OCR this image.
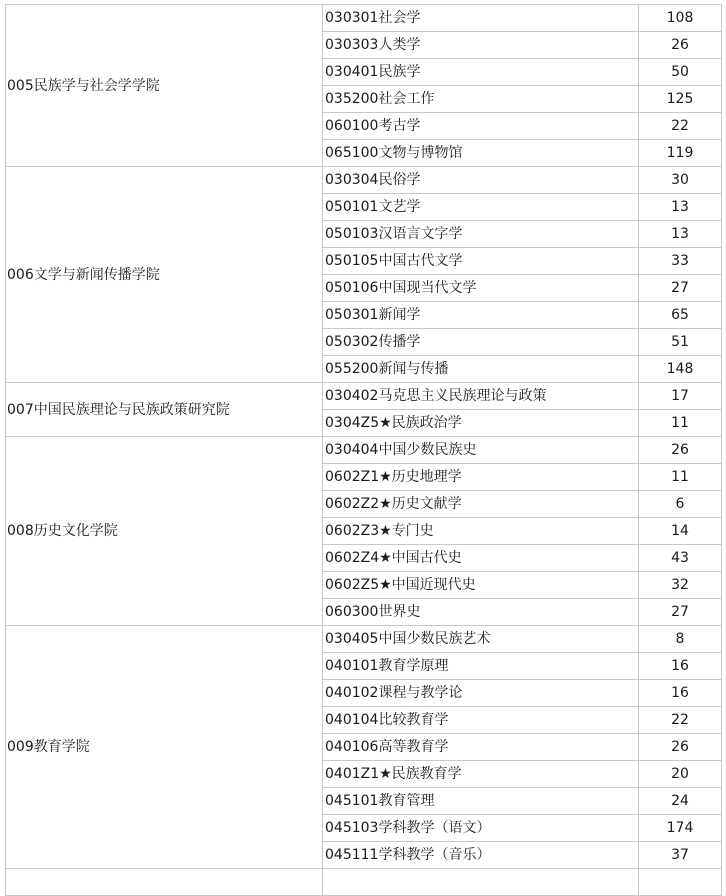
005民族学与社会学学院	030301社会学	108
	030303人类学	26
	030401民族学	50
	035200社会工作	125
	060100考古学	22
	065100文物与博物馆	119
006文学与新闻传播学院	030304民俗学	30
	050101文艺学	13
	050103汉语言文字学	13
	050105中国古代文学	33
	050106中国现当代文学	27
	050301新闻学	65
	050302传播学	51
	055200新闻与传播	148
007中国民族理论与民族政策研究院	030402马克思主义民族理论与政策	17
	0304Z5★民族政治学	11
008历史文化学院	030404中国少数民族史	26
	0602Z1★历史地理学	11
	0602Z2★历史文献学	6
	0602Z3★专门史	14
	0602Z4★中国古代史	43
	0602Z5★中国近现代史	32
	060300世界史	27
009教育学院	030405中国少数民族艺术	8
	040101教育学原理	16
	040102课程与教学论	16
	040104比较教育学	22
	040106高等教育学	26
	0401Z1★民族教育学	20
	045101教育管理	24
	045103学科教学（语文）	174
	045111学科教学（音乐）	37
